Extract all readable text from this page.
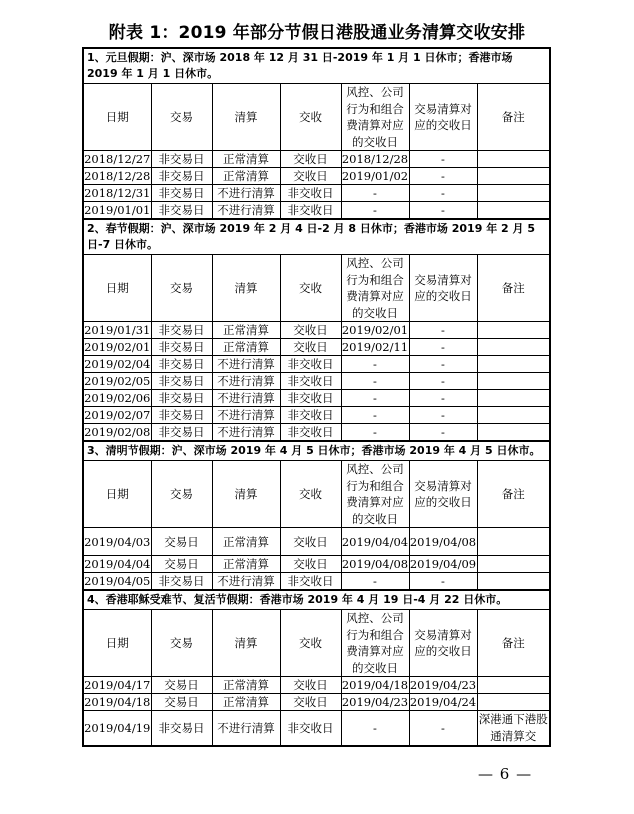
附表 1：2019 年部分节假日港股通业务清算交收安排
1、元旦假期：沪、深市场 2018 年 12 月 31 日-2019 年 1 月 1 日休市；香港市场 2019 年 1 月 1 日休市。						
日期	交易	清算	交收	风控、公司行为和组合费清算对应的交收日	交易清算对应的交收日	备注
2018/12/27	非交易日	正常清算	交收日	2018/12/28	-	
2018/12/28	非交易日	正常清算	交收日	2019/01/02	-	
2018/12/31	非交易日	不进行清算	非交收日	-	-	
2019/01/01	非交易日	不进行清算	非交收日	-	-	
2、春节假期：沪、深市场 2019 年 2 月 4 日-2 月 8 日休市；香港市场 2019 年 2 月 5 日-7 日休市。						
日期	交易	清算	交收	风控、公司行为和组合费清算对应的交收日	交易清算对应的交收日	备注
2019/01/31	非交易日	正常清算	交收日	2019/02/01	-	
2019/02/01	非交易日	正常清算	交收日	2019/02/11	-	
2019/02/04	非交易日	不进行清算	非交收日	-	-	
2019/02/05	非交易日	不进行清算	非交收日	-	-	
2019/02/06	非交易日	不进行清算	非交收日	-	-	
2019/02/07	非交易日	不进行清算	非交收日	-	-	
2019/02/08	非交易日	不进行清算	非交收日	-	-	
3、清明节假期：沪、深市场 2019 年 4 月 5 日休市；香港市场 2019 年 4 月 5 日休市。						
日期	交易	清算	交收	风控、公司行为和组合费清算对应的交收日	交易清算对应的交收日	备注
2019/04/03	交易日	正常清算	交收日	2019/04/04	2019/04/08	
2019/04/04	交易日	正常清算	交收日	2019/04/08	2019/04/09	
2019/04/05	非交易日	不进行清算	非交收日	-	-	
4、香港耶稣受难节、复活节假期：香港市场 2019 年 4 月 19 日-4 月 22 日休市。						
日期	交易	清算	交收	风控、公司行为和组合费清算对应的交收日	交易清算对应的交收日	备注
2019/04/17	交易日	正常清算	交收日	2019/04/18	2019/04/23	
2019/04/18	交易日	正常清算	交收日	2019/04/23	2019/04/24	
2019/04/19	非交易日	不进行清算	非交收日	-	-	深港通下港股通清算交
— 6 —
